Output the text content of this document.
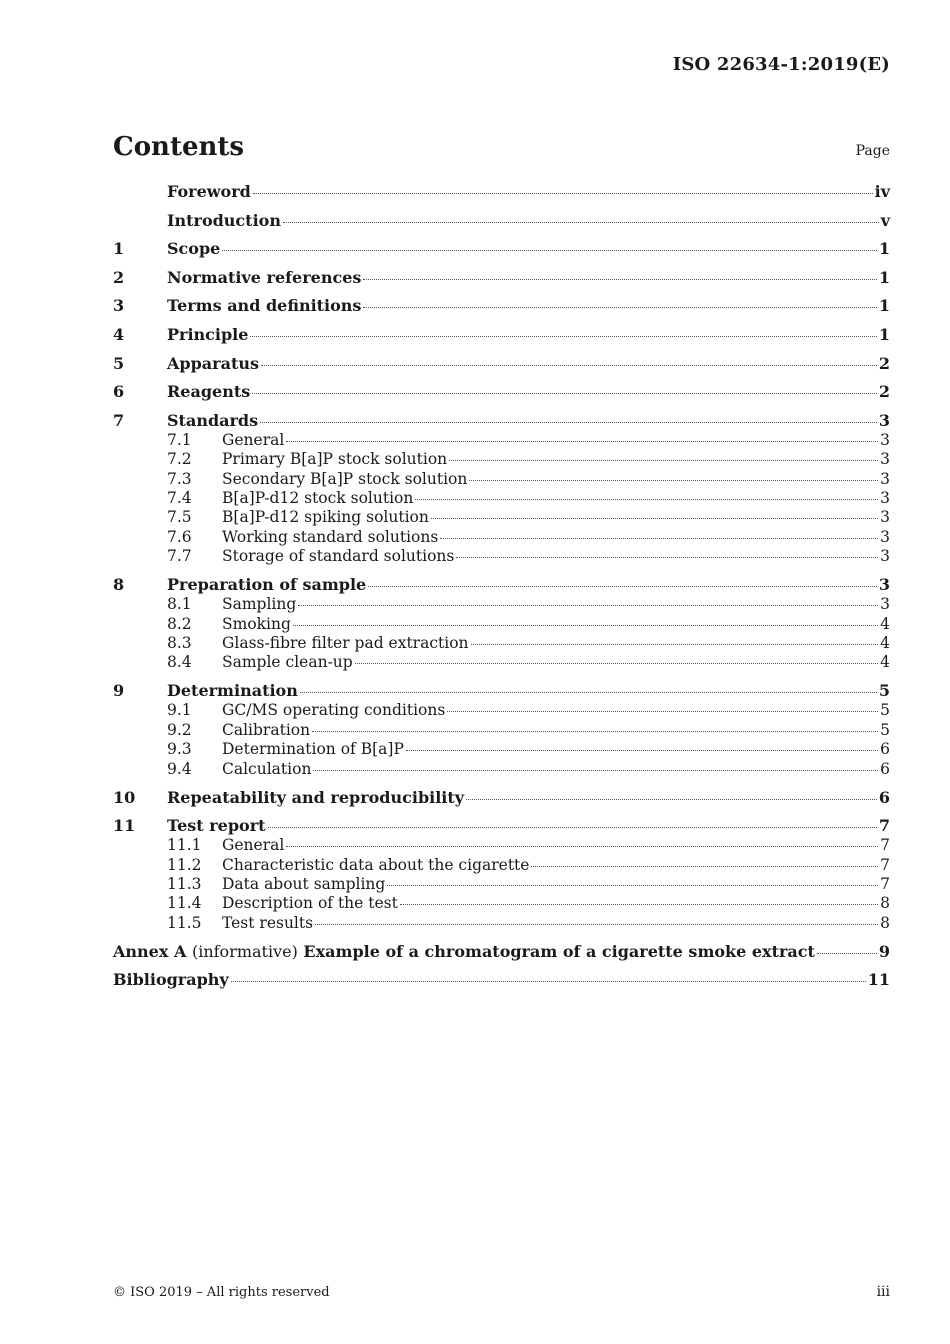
ISO 22634-1:2019(E)
Contents	Page
Foreword	iv
Introduction	v
1	Scope	1
2	Normative references	1
3	Terms and definitions	1
4	Principle	1
5	Apparatus	2
6	Reagents	2
7	Standards	3
7.1	General	3
7.2	Primary B[a]P stock solution	3
7.3	Secondary B[a]P stock solution	3
7.4	B[a]P-d12 stock solution	3
7.5	B[a]P-d12 spiking solution	3
7.6	Working standard solutions	3
7.7	Storage of standard solutions	3
8	Preparation of sample	3
8.1	Sampling	3
8.2	Smoking	4
8.3	Glass-fibre filter pad extraction	4
8.4	Sample clean-up	4
9	Determination	5
9.1	GC/MS operating conditions	5
9.2	Calibration	5
9.3	Determination of B[a]P	6
9.4	Calculation	6
10	Repeatability and reproducibility	6
11	Test report	7
11.1	General	7
11.2	Characteristic data about the cigarette	7
11.3	Data about sampling	7
11.4	Description of the test	8
11.5	Test results	8
Annex A (informative) Example of a chromatogram of a cigarette smoke extract	9
Bibliography	11
© ISO 2019 – All rights reserved	iii
